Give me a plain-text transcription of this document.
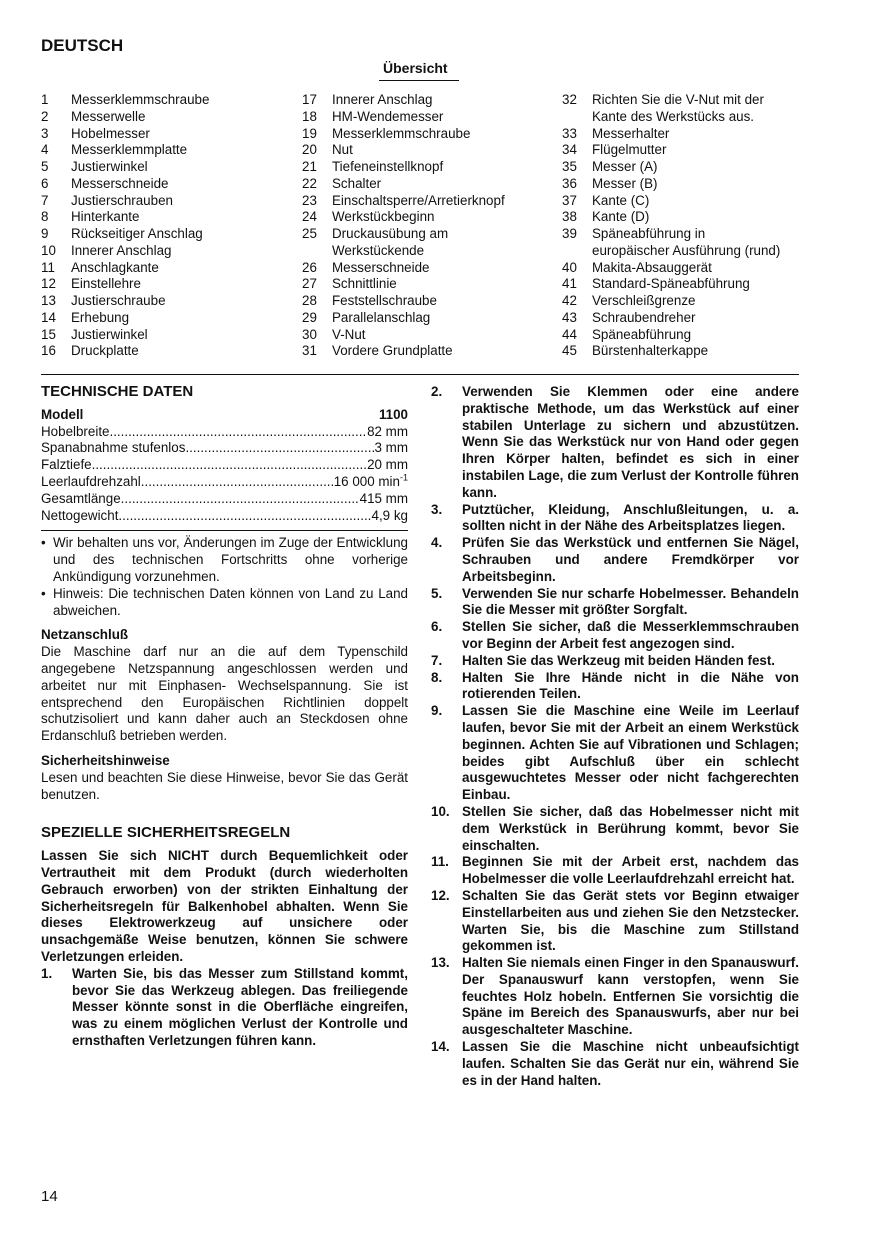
DEUTSCH
Übersicht
1	Messerklemmschraube
2	Messerwelle
3	Hobelmesser
4	Messerklemmplatte
5	Justierwinkel
6	Messerschneide
7	Justierschrauben
8	Hinterkante
9	Rückseitiger Anschlag
10	Innerer Anschlag
11	Anschlagkante
12	Einstellehre
13	Justierschraube
14	Erhebung
15	Justierwinkel
16	Druckplatte
17	Innerer Anschlag
18	HM-Wendemesser
19	Messerklemmschraube
20	Nut
21	Tiefeneinstellknopf
22	Schalter
23	Einschaltsperre/Arretierknopf
24	Werkstückbeginn
25	Druckausübung am
Werkstückende
26	Messerschneide
27	Schnittlinie
28	Feststellschraube
29	Parallelanschlag
30	V-Nut
31	Vordere Grundplatte
32	Richten Sie die V-Nut mit der
Kante des Werkstücks aus.
33	Messerhalter
34	Flügelmutter
35	Messer (A)
36	Messer (B)
37	Kante (C)
38	Kante (D)
39	Späneabführung in
europäischer Ausführung (rund)
40	Makita-Absauggerät
41	Standard-Späneabführung
42	Verschleißgrenze
43	Schraubendreher
44	Späneabführung
45	Bürstenhalterkappe
TECHNISCHE DATEN
Modell	1100
Hobelbreite .....	82 mm
Spanabnahme stufenlos .....	3 mm
Falztiefe .....	20 mm
Leerlaufdrehzahl .....	16 000 $\min^{-1}$
Gesamtlänge .....	415 mm
Nettogewicht .....	4,9 kg
• Wir behalten uns vor, Änderungen im Zuge der Entwicklung und des technischen Fortschritts ohne vorherige Ankündigung vorzunehmen.
• Hinweis: Die technischen Daten können von Land zu Land abweichen.
Netzanschluß
Die Maschine darf nur an die auf dem Typenschild angegebene Netzspannung angeschlossen werden und arbeitet nur mit Einphasen- Wechselspannung. Sie ist entsprechend den Europäischen Richtlinien doppelt schutzisoliert und kann daher auch an Steckdosen ohne Erdanschluß betrieben werden.
Sicherheitshinweise
Lesen und beachten Sie diese Hinweise, bevor Sie das Gerät benutzen.
SPEZIELLE SICHERHEITSREGELN
Lassen Sie sich NICHT durch Bequemlichkeit oder Vertrautheit mit dem Produkt (durch wiederholten Gebrauch erworben) von der strikten Einhaltung der Sicherheitsregeln für Balkenhobel abhalten. Wenn Sie dieses Elektrowerkzeug auf unsichere oder unsachgemäße Weise benutzen, können Sie schwere Verletzungen erleiden.
1.	Warten Sie, bis das Messer zum Stillstand kommt, bevor Sie das Werkzeug ablegen. Das freiliegende Messer könnte sonst in die Oberfläche eingreifen, was zu einem möglichen Verlust der Kontrolle und ernsthaften Verletzungen führen kann.
2.	Verwenden Sie Klemmen oder eine andere praktische Methode, um das Werkstück auf einer stabilen Unterlage zu sichern und abzustützen. Wenn Sie das Werkstück nur von Hand oder gegen Ihren Körper halten, befindet es sich in einer instabilen Lage, die zum Verlust der Kontrolle führen kann.
3.	Putztücher, Kleidung, Anschlußleitungen, u. a. sollten nicht in der Nähe des Arbeitsplatzes liegen.
4.	Prüfen Sie das Werkstück und entfernen Sie Nägel, Schrauben und andere Fremdkörper vor Arbeitsbeginn.
5.	Verwenden Sie nur scharfe Hobelmesser. Behandeln Sie die Messer mit größter Sorgfalt.
6.	Stellen Sie sicher, daß die Messerklemmschrauben vor Beginn der Arbeit fest angezogen sind.
7.	Halten Sie das Werkzeug mit beiden Händen fest.
8.	Halten Sie Ihre Hände nicht in die Nähe von rotierenden Teilen.
9.	Lassen Sie die Maschine eine Weile im Leerlauf laufen, bevor Sie mit der Arbeit an einem Werkstück beginnen. Achten Sie auf Vibrationen und Schlagen; beides gibt Aufschluß über ein schlecht ausgewuchtetes Messer oder nicht fachgerechten Einbau.
10. Stellen Sie sicher, daß das Hobelmesser nicht mit dem Werkstück in Berührung kommt, bevor Sie einschalten.
11. Beginnen Sie mit der Arbeit erst, nachdem das Hobelmesser die volle Leerlaufdrehzahl erreicht hat.
12. Schalten Sie das Gerät stets vor Beginn etwaiger Einstellarbeiten aus und ziehen Sie den Netzstecker. Warten Sie, bis die Maschine zum Stillstand gekommen ist.
13. Halten Sie niemals einen Finger in den Spanauswurf. Der Spanauswurf kann verstopfen, wenn Sie feuchtes Holz hobeln. Entfernen Sie vorsichtig die Späne im Bereich des Spanauswurfs, aber nur bei ausgeschalteter Maschine.
14. Lassen Sie die Maschine nicht unbeaufsichtigt laufen. Schalten Sie das Gerät nur ein, während Sie es in der Hand halten.
14
